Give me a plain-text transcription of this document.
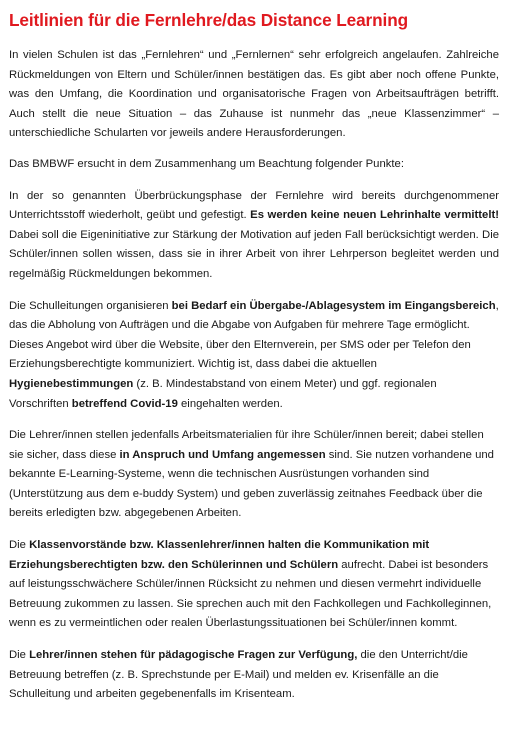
Leitlinien für die Fernlehre/das Distance Learning

In vielen Schulen ist das „Fernlehren“ und „Fernlernen“ sehr erfolgreich angelaufen. Zahlreiche Rückmeldungen von Eltern und Schüler/innen bestätigen das. Es gibt aber noch offene Punkte, was den Umfang, die Koordination und organisatorische Fragen von Arbeitsaufträgen betrifft. Auch stellt die neue Situation – das Zuhause ist nunmehr das „neue Klassenzimmer“ – unterschiedliche Schularten vor jeweils andere Herausforderungen.

Das BMBWF ersucht in dem Zusammenhang um Beachtung folgender Punkte:

In der so genannten Überbrückungsphase der Fernlehre wird bereits durchgenommener Unterrichtsstoff wiederholt, geübt und gefestigt. Es werden keine neuen Lehrinhalte vermittelt! Dabei soll die Eigeninitiative zur Stärkung der Motivation auf jeden Fall berücksichtigt werden. Die Schüler/innen sollen wissen, dass sie in ihrer Arbeit von ihrer Lehrperson begleitet werden und regelmäßig Rückmeldungen bekommen.

Die Schulleitungen organisieren bei Bedarf ein Übergabe-/Ablagesystem im Eingangsbereich, das die Abholung von Aufträgen und die Abgabe von Aufgaben für mehrere Tage ermöglicht. Dieses Angebot wird über die Website, über den Elternverein, per SMS oder per Telefon den Erziehungsberechtigte kommuniziert. Wichtig ist, dass dabei die aktuellen Hygienebestimmungen (z. B. Mindestabstand von einem Meter) und ggf. regionalen Vorschriften betreffend Covid-19 eingehalten werden.

Die Lehrer/innen stellen jedenfalls Arbeitsmaterialien für ihre Schüler/innen bereit; dabei stellen sie sicher, dass diese in Anspruch und Umfang angemessen sind. Sie nutzen vorhandene und bekannte E-Learning-Systeme, wenn die technischen Ausrüstungen vorhanden sind (Unterstützung aus dem e-buddy System) und geben zuverlässig zeitnahes Feedback über die bereits erledigten bzw. abgegebenen Arbeiten.

Die Klassenvorstände bzw. Klassenlehrer/innen halten die Kommunikation mit Erziehungsberechtigten bzw. den Schülerinnen und Schülern aufrecht. Dabei ist besonders auf leistungsschwächere Schüler/innen Rücksicht zu nehmen und diesen vermehrt individuelle Betreuung zukommen zu lassen. Sie sprechen auch mit den Fachkollegen und Fachkolleginnen, wenn es zu vermeintlichen oder realen Überlastungssituationen bei Schüler/innen kommt.

Die Lehrer/innen stehen für pädagogische Fragen zur Verfügung, die den Unterricht/die Betreuung betreffen (z. B. Sprechstunde per E-Mail) und melden ev. Krisenfälle an die Schulleitung und arbeiten gegebenenfalls im Krisenteam.
